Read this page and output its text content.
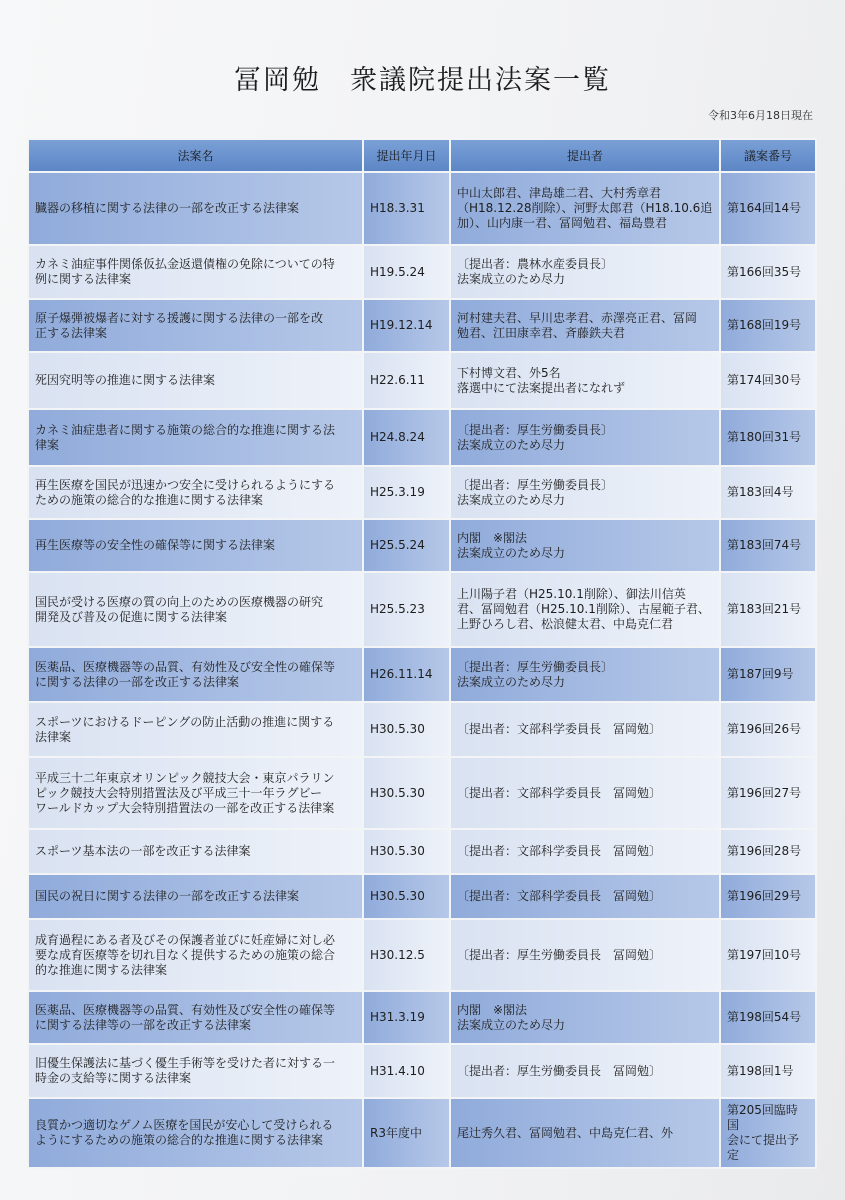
冨岡勉　衆議院提出法案一覧
令和3年6月18日現在
法案名	提出年月日	提出者	議案番号
臓器の移植に関する法律の一部を改正する法律案	H18.3.31	中山太郎君、津島雄二君、大村秀章君
（H18.12.28削除）、河野太郎君（H18.10.6追
加）、山内康一君、冨岡勉君、福島豊君	第164回14号
カネミ油症事件関係仮払金返還債権の免除についての特
例に関する法律案	H19.5.24	〔提出者：農林水産委員長〕
法案成立のため尽力	第166回35号
原子爆弾被爆者に対する援護に関する法律の一部を改
正する法律案	H19.12.14	河村建夫君、早川忠孝君、赤澤亮正君、冨岡
勉君、江田康幸君、斉藤鉄夫君	第168回19号
死因究明等の推進に関する法律案	H22.6.11	下村博文君、外5名
落選中にて法案提出者になれず	第174回30号
カネミ油症患者に関する施策の総合的な推進に関する法
律案	H24.8.24	〔提出者：厚生労働委員長〕
法案成立のため尽力	第180回31号
再生医療を国民が迅速かつ安全に受けられるようにする
ための施策の総合的な推進に関する法律案	H25.3.19	〔提出者：厚生労働委員長〕
法案成立のため尽力	第183回4号
再生医療等の安全性の確保等に関する法律案	H25.5.24	内閣　※閣法
法案成立のため尽力	第183回74号
国民が受ける医療の質の向上のための医療機器の研究
開発及び普及の促進に関する法律案	H25.5.23	上川陽子君（H25.10.1削除）、御法川信英
君、冨岡勉君（H25.10.1削除）、古屋範子君、
上野ひろし君、松浪健太君、中島克仁君	第183回21号
医薬品、医療機器等の品質、有効性及び安全性の確保等
に関する法律の一部を改正する法律案	H26.11.14	〔提出者：厚生労働委員長〕
法案成立のため尽力	第187回9号
スポーツにおけるドーピングの防止活動の推進に関する
法律案	H30.5.30	〔提出者：文部科学委員長　冨岡勉〕	第196回26号
平成三十二年東京オリンピック競技大会・東京パラリン
ピック競技大会特別措置法及び平成三十一年ラグビー
ワールドカップ大会特別措置法の一部を改正する法律案	H30.5.30	〔提出者：文部科学委員長　冨岡勉〕	第196回27号
スポーツ基本法の一部を改正する法律案	H30.5.30	〔提出者：文部科学委員長　冨岡勉〕	第196回28号
国民の祝日に関する法律の一部を改正する法律案	H30.5.30	〔提出者：文部科学委員長　冨岡勉〕	第196回29号
成育過程にある者及びその保護者並びに妊産婦に対し必
要な成育医療等を切れ目なく提供するための施策の総合
的な推進に関する法律案	H30.12.5	〔提出者：厚生労働委員長　冨岡勉〕	第197回10号
医薬品、医療機器等の品質、有効性及び安全性の確保等
に関する法律等の一部を改正する法律案	H31.3.19	内閣　※閣法
法案成立のため尽力	第198回54号
旧優生保護法に基づく優生手術等を受けた者に対する一
時金の支給等に関する法律案	H31.4.10	〔提出者：厚生労働委員長　冨岡勉〕	第198回1号
良質かつ適切なゲノム医療を国民が安心して受けられる
ようにするための施策の総合的な推進に関する法律案	R3年度中	尾辻秀久君、冨岡勉君、中島克仁君、外	第205回臨時国
会にて提出予
定
